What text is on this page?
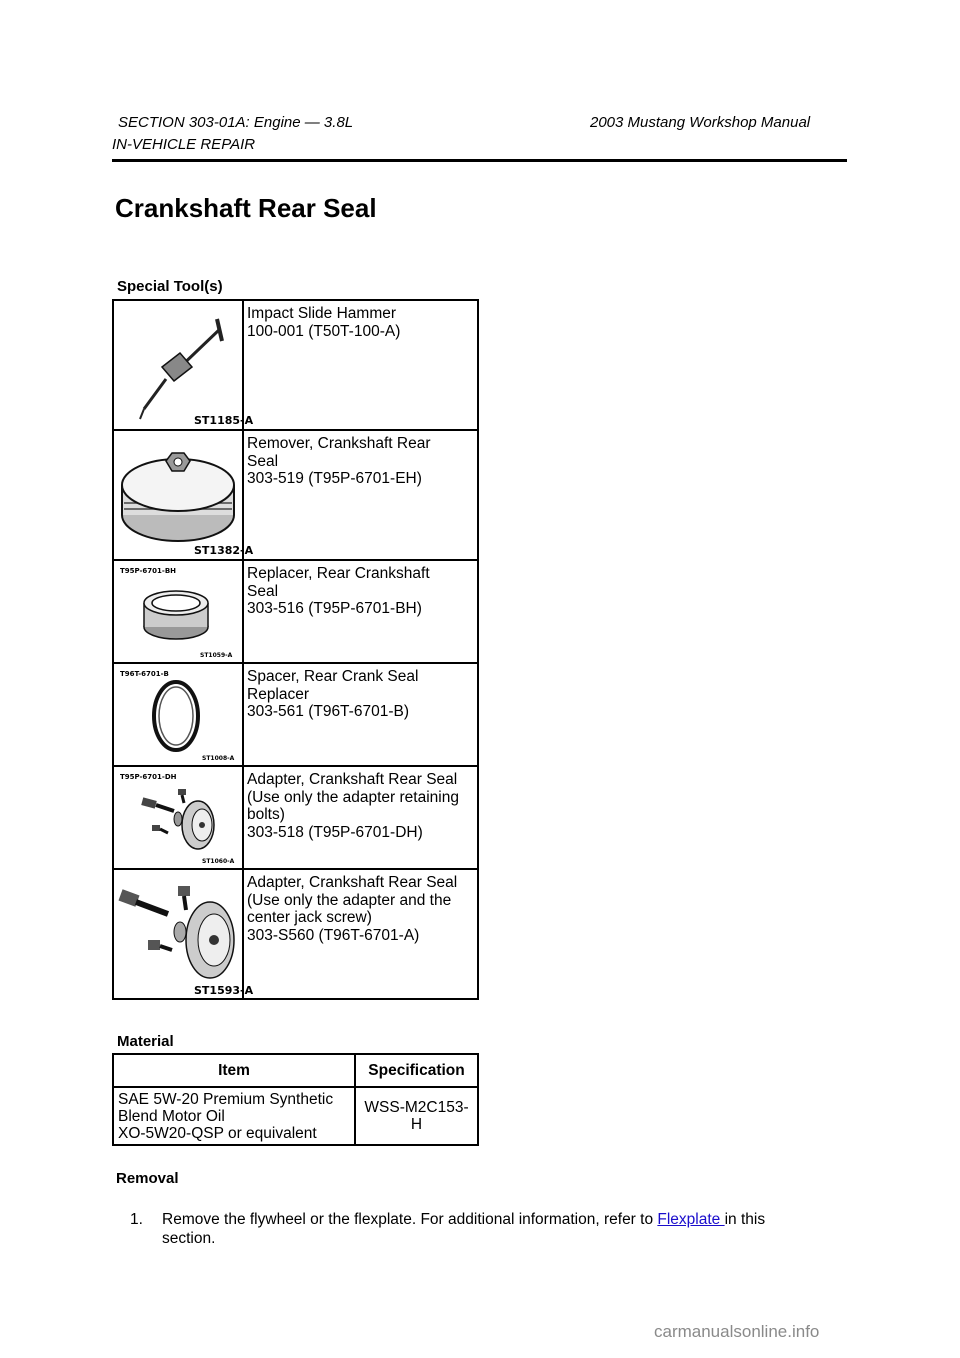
SECTION 303-01A: Engine — 3.8L	2003 Mustang Workshop Manual
IN-VEHICLE REPAIR
Crankshaft Rear Seal
Special Tool(s)
ST1185-A	Impact Slide Hammer
100-001 (T50T-100-A)

ST1382-A	Remover, Crankshaft Rear
Seal
303-519 (T95P-6701-EH)

T95P-6701-BH
ST1059-A	Replacer, Rear Crankshaft
Seal
303-516 (T95P-6701-BH)

T96T-6701-B
ST1008-A	Spacer, Rear Crank Seal
Replacer
303-561 (T96T-6701-B)

T95P-6701-DH
ST1060-A	Adapter, Crankshaft Rear Seal
(Use only the adapter retaining
bolts)
303-518 (T95P-6701-DH)

ST1593-A	Adapter, Crankshaft Rear Seal
(Use only the adapter and the
center jack screw)
303-S560 (T96T-6701-A)
Material
Item	Specification

SAE 5W-20 Premium Synthetic
Blend Motor Oil
XO-5W20-QSP or equivalent	WSS-M2C153-
H
Removal
1. Remove the flywheel or the flexplate. For additional information, refer to Flexplate in this section.
carmanualsonline.info
